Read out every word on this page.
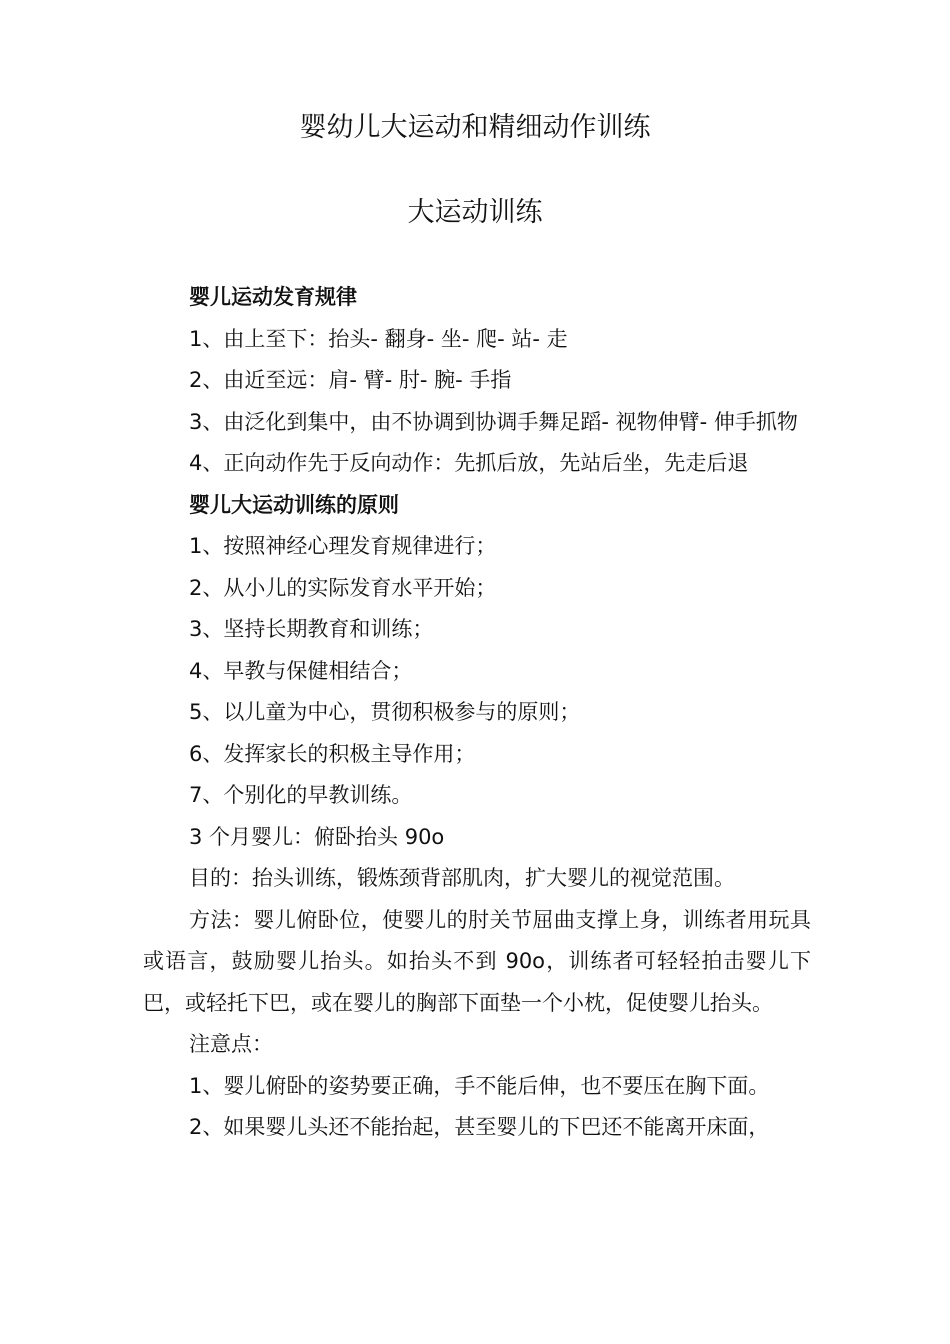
婴幼儿大运动和精细动作训练
大运动训练

婴儿运动发育规律

1、由上至下：抬头- 翻身- 坐- 爬- 站- 走

2、由近至远：肩- 臂- 肘- 腕- 手指

3、由泛化到集中，由不协调到协调手舞足蹈- 视物伸臂- 伸手抓物

4、正向动作先于反向动作：先抓后放，先站后坐，先走后退

婴儿大运动训练的原则

1、按照神经心理发育规律进行；

2、从小儿的实际发育水平开始；

3、坚持长期教育和训练；

4、早教与保健相结合；

5、以儿童为中心，贯彻积极参与的原则；

6、发挥家长的积极主导作用；

7、个别化的早教训练。

3 个月婴儿：俯卧抬头 90o

目的：抬头训练，锻炼颈背部肌肉，扩大婴儿的视觉范围。

方法：婴儿俯卧位，使婴儿的肘关节屈曲支撑上身，训练者用玩具或语言，鼓励婴儿抬头。如抬头不到 90o，训练者可轻轻拍击婴儿下巴，或轻托下巴，或在婴儿的胸部下面垫一个小枕，促使婴儿抬头。

注意点：

1、婴儿俯卧的姿势要正确，手不能后伸，也不要压在胸下面。

2、如果婴儿头还不能抬起，甚至婴儿的下巴还不能离开床面，
